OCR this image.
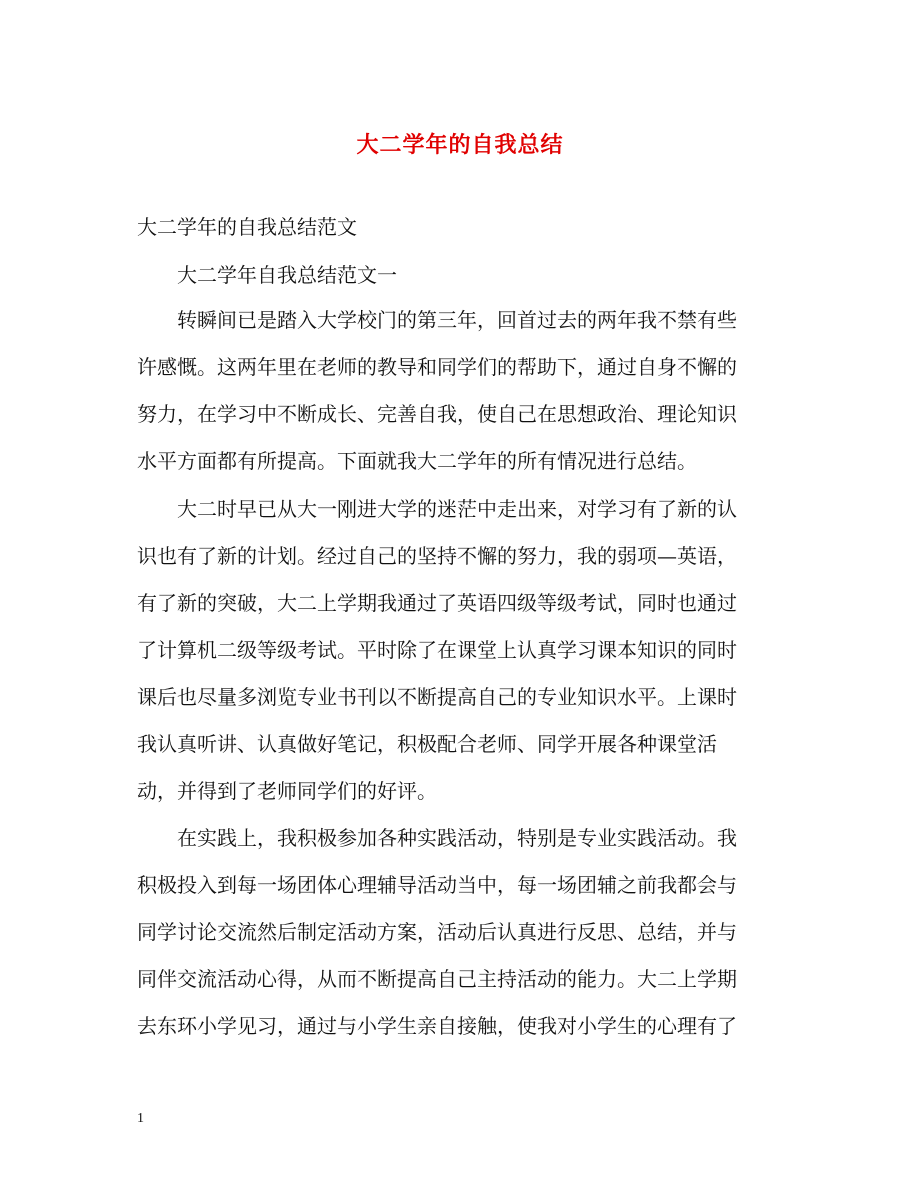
大二学年的自我总结
大二学年的自我总结范文
大二学年自我总结范文一
转瞬间已是踏入大学校门的第三年，回首过去的两年我不禁有些
许感慨。这两年里在老师的教导和同学们的帮助下，通过自身不懈的
努力，在学习中不断成长、完善自我，使自己在思想政治、理论知识
水平方面都有所提高。下面就我大二学年的所有情况进行总结。
大二时早已从大一刚进大学的迷茫中走出来，对学习有了新的认
识也有了新的计划。经过自己的坚持不懈的努力，我的弱项—英语，
有了新的突破，大二上学期我通过了英语四级等级考试，同时也通过
了计算机二级等级考试。平时除了在课堂上认真学习课本知识的同时
课后也尽量多浏览专业书刊以不断提高自己的专业知识水平。上课时
我认真听讲、认真做好笔记，积极配合老师、同学开展各种课堂活
动，并得到了老师同学们的好评。
在实践上，我积极参加各种实践活动，特别是专业实践活动。我
积极投入到每一场团体心理辅导活动当中，每一场团辅之前我都会与
同学讨论交流然后制定活动方案，活动后认真进行反思、总结，并与
同伴交流活动心得，从而不断提高自己主持活动的能力。大二上学期
去东环小学见习，通过与小学生亲自接触，使我对小学生的心理有了
1
